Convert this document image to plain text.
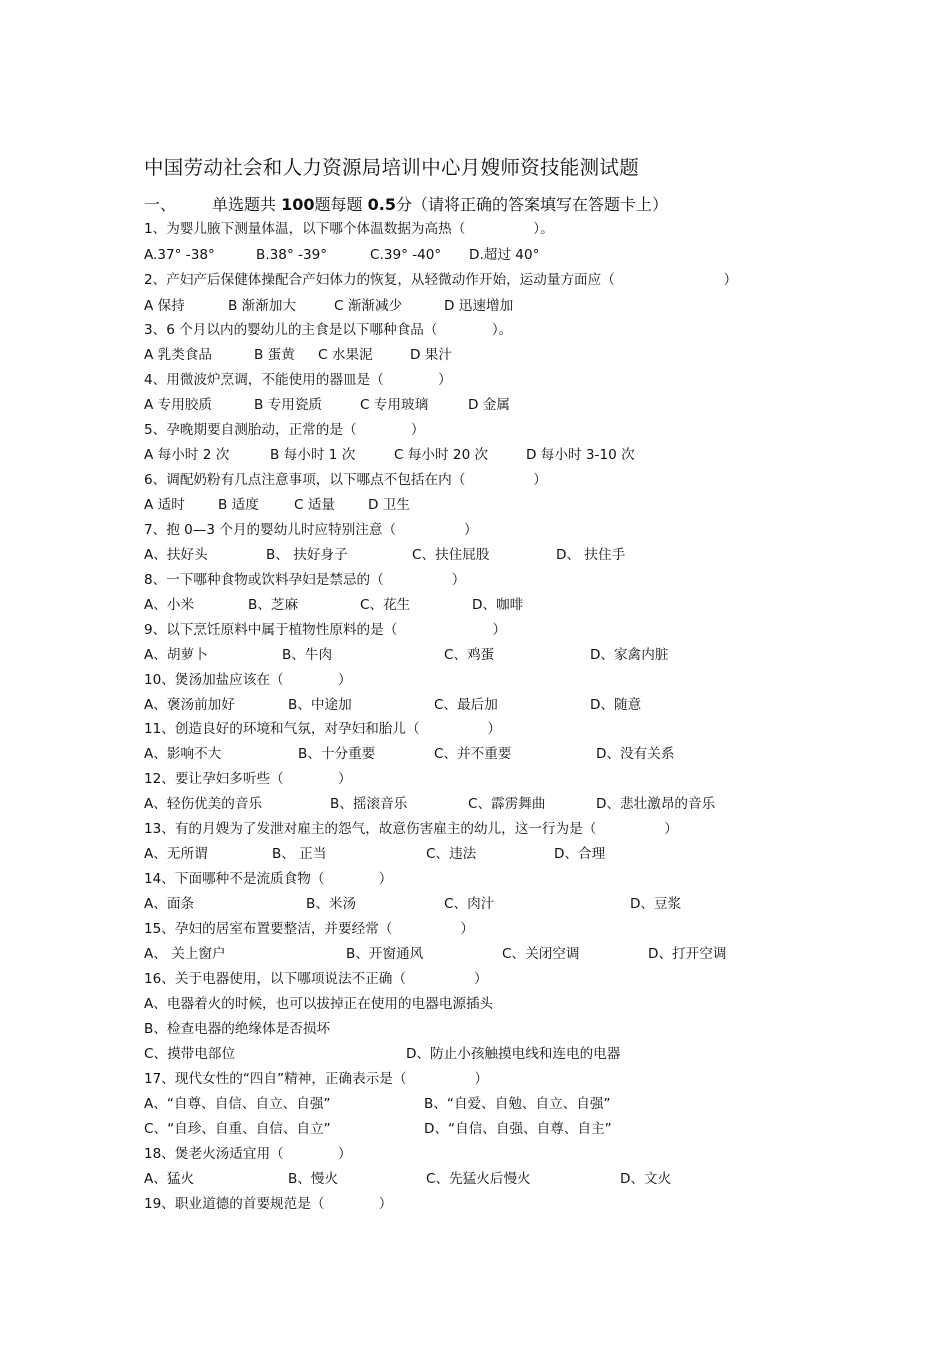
中国劳动社会和人力资源局培训中心月嫂师资技能测试题
一、 单选题共 100题每题 0.5分（请将正确的答案填写在答题卡上）
1、为婴儿腋下测量体温，以下哪个体温数据为高热（　　　　　）。
A.37° -38°	B.38° -39°	C.39° -40° D.超过 40°
2、产妇产后保健体操配合产妇体力的恢复，从轻微动作开始，运动量方面应（　　　　　　　　）
A 保持	B 渐渐加大	C 渐渐减少	D 迅速增加
3、6 个月以内的婴幼儿的主食是以下哪种食品（　　　　）。
A 乳类食品	B 蛋黄 C 水果泥	D 果汁
4、用微波炉烹调，不能使用的器皿是（　　　　）
A 专用胶质	B 专用瓷质	C 专用玻璃	D 金属
5、孕晚期要自测胎动，正常的是（　　　　）
A 每小时 2 次	B 每小时 1 次	C 每小时 20 次	D 每小时 3-10 次
6、调配奶粉有几点注意事项，以下哪点不包括在内（　　　　　）
A 适时 B 适度	C 适量 D 卫生
7、抱 0—3 个月的婴幼儿时应特别注意（　　　　　）
A、扶好头	B、 扶好身子	C、扶住屁股	D、 扶住手
8、一下哪种食物或饮料孕妇是禁忌的（　　　　　）
A、小米	B、芝麻	C、花生	D、咖啡
9、以下烹饪原料中属于植物性原料的是（　　　　　　　）
A、胡萝卜	B、牛肉	C、鸡蛋	D、家禽内脏
10、煲汤加盐应该在（　　　　）
A、褒汤前加好	B、中途加	C、最后加	D、随意
11、创造良好的环境和气氛，对孕妇和胎儿（　　　　　）
A、影响不大	B、十分重要	C、并不重要	D、没有关系
12、要让孕妇多听些（　　　　）
A、轻伤优美的音乐	B、摇滚音乐	C、霹雳舞曲	D、悲壮激昂的音乐
13、有的月嫂为了发泄对雇主的怨气，故意伤害雇主的幼儿，这一行为是（　　　　　）
A、无所谓	B、 正当	C、违法	D、合理
14、下面哪种不是流质食物（　　　　）
A、面条	B、米汤	C、肉汁	D、豆浆
15、孕妇的居室布置要整洁，并要经常（　　　　　）
A、 关上窗户	B、开窗通风	C、关闭空调	D、打开空调
16、关于电器使用，以下哪项说法不正确（　　　　　）
A、电器着火的时候，也可以拔掉正在使用的电器电源插头
B、检查电器的绝缘体是否损坏
C、摸带电部位	D、防止小孩触摸电线和连电的电器
17、现代女性的“四自”精神，正确表示是（　　　　　）
A、“自尊、自信、自立、自强”	B、“自爱、自勉、自立、自强”
C、“自珍、自重、自信、自立”	D、“自信、自强、自尊、自主”
18、煲老火汤适宜用（　　　　）
A、猛火	B、慢火	C、先猛火后慢火	D、文火
19、职业道德的首要规范是（　　　　）
